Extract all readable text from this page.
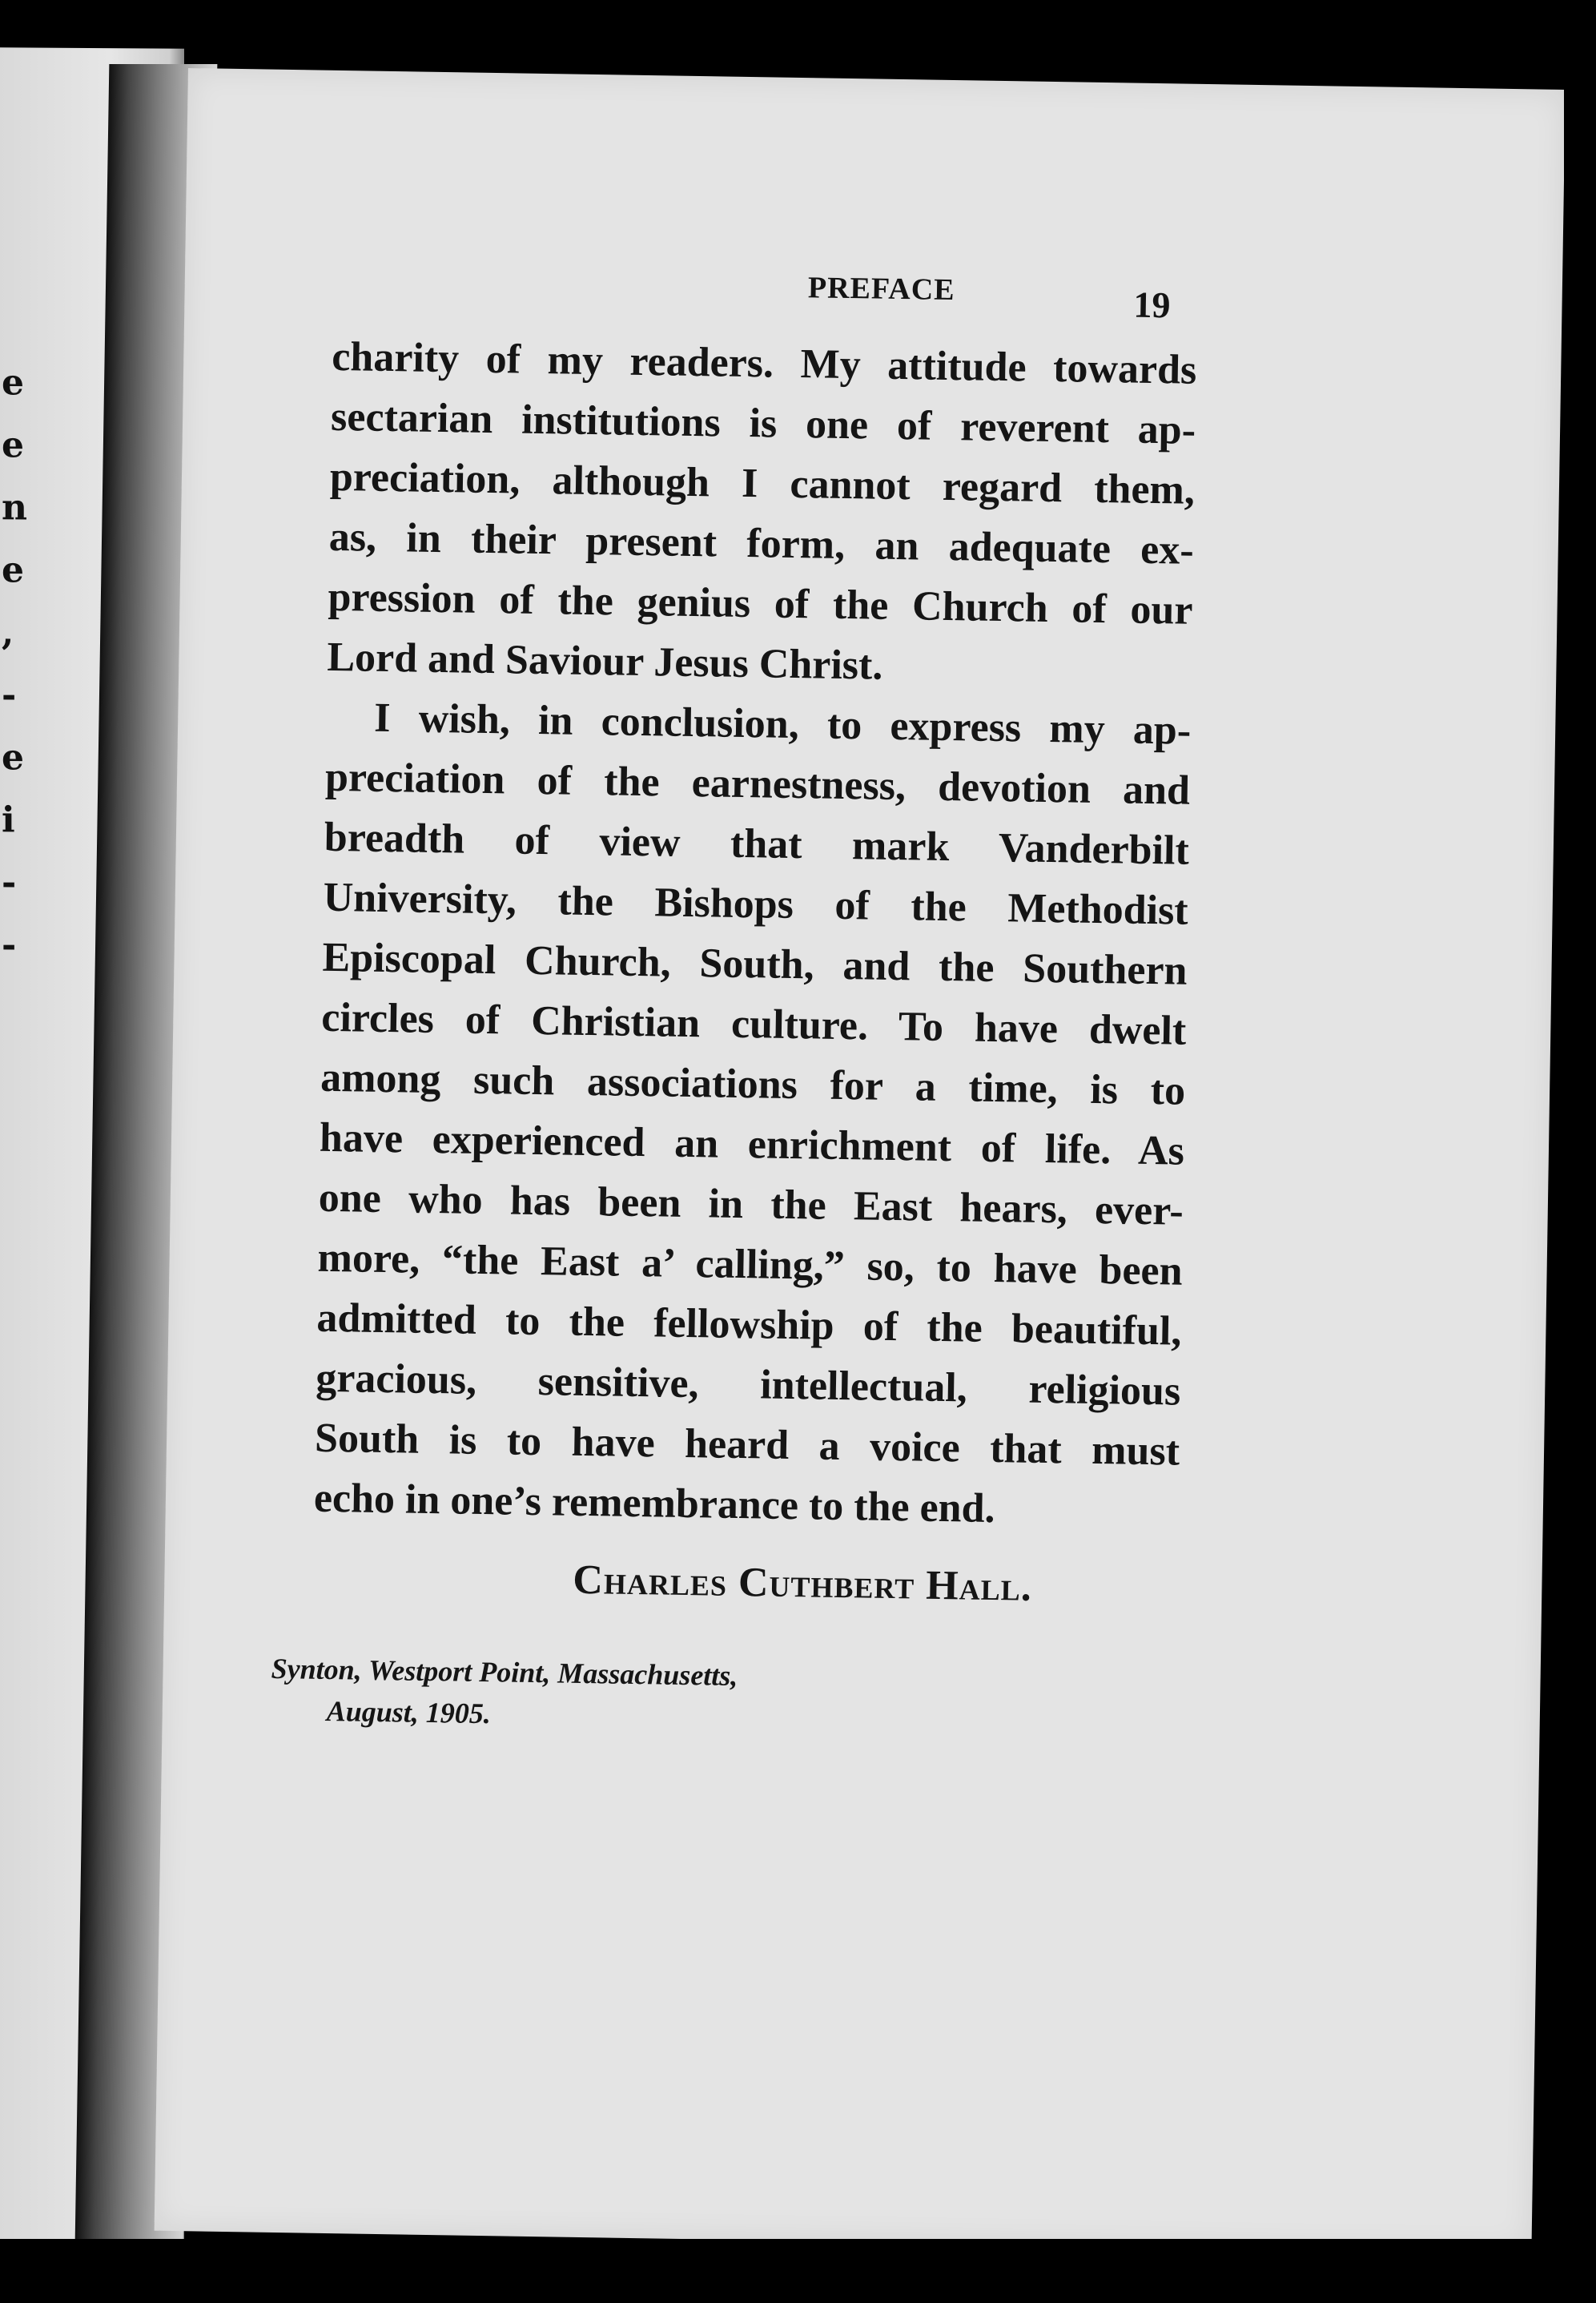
e
e
n
e
,
-
e
i
-
-
PREFACE	19
charity of my readers. My attitude towards
sectarian institutions is one of reverent ap-
preciation, although I cannot regard them,
as, in their present form, an adequate ex-
pression of the genius of the Church of our
Lord and Saviour Jesus Christ.
I wish, in conclusion, to express my ap-
preciation of the earnestness, devotion and
breadth of view that mark Vanderbilt
University, the Bishops of the Methodist
Episcopal Church, South, and the Southern
circles of Christian culture. To have dwelt
among such associations for a time, is to
have experienced an enrichment of life. As
one who has been in the East hears, ever-
more, “the East a’ calling,” so, to have been
admitted to the fellowship of the beautiful,
gracious, sensitive, intellectual, religious
South is to have heard a voice that must
echo in one’s remembrance to the end.
Charles Cuthbert Hall.
Synton, Westport Point, Massachusetts,
August, 1905.
